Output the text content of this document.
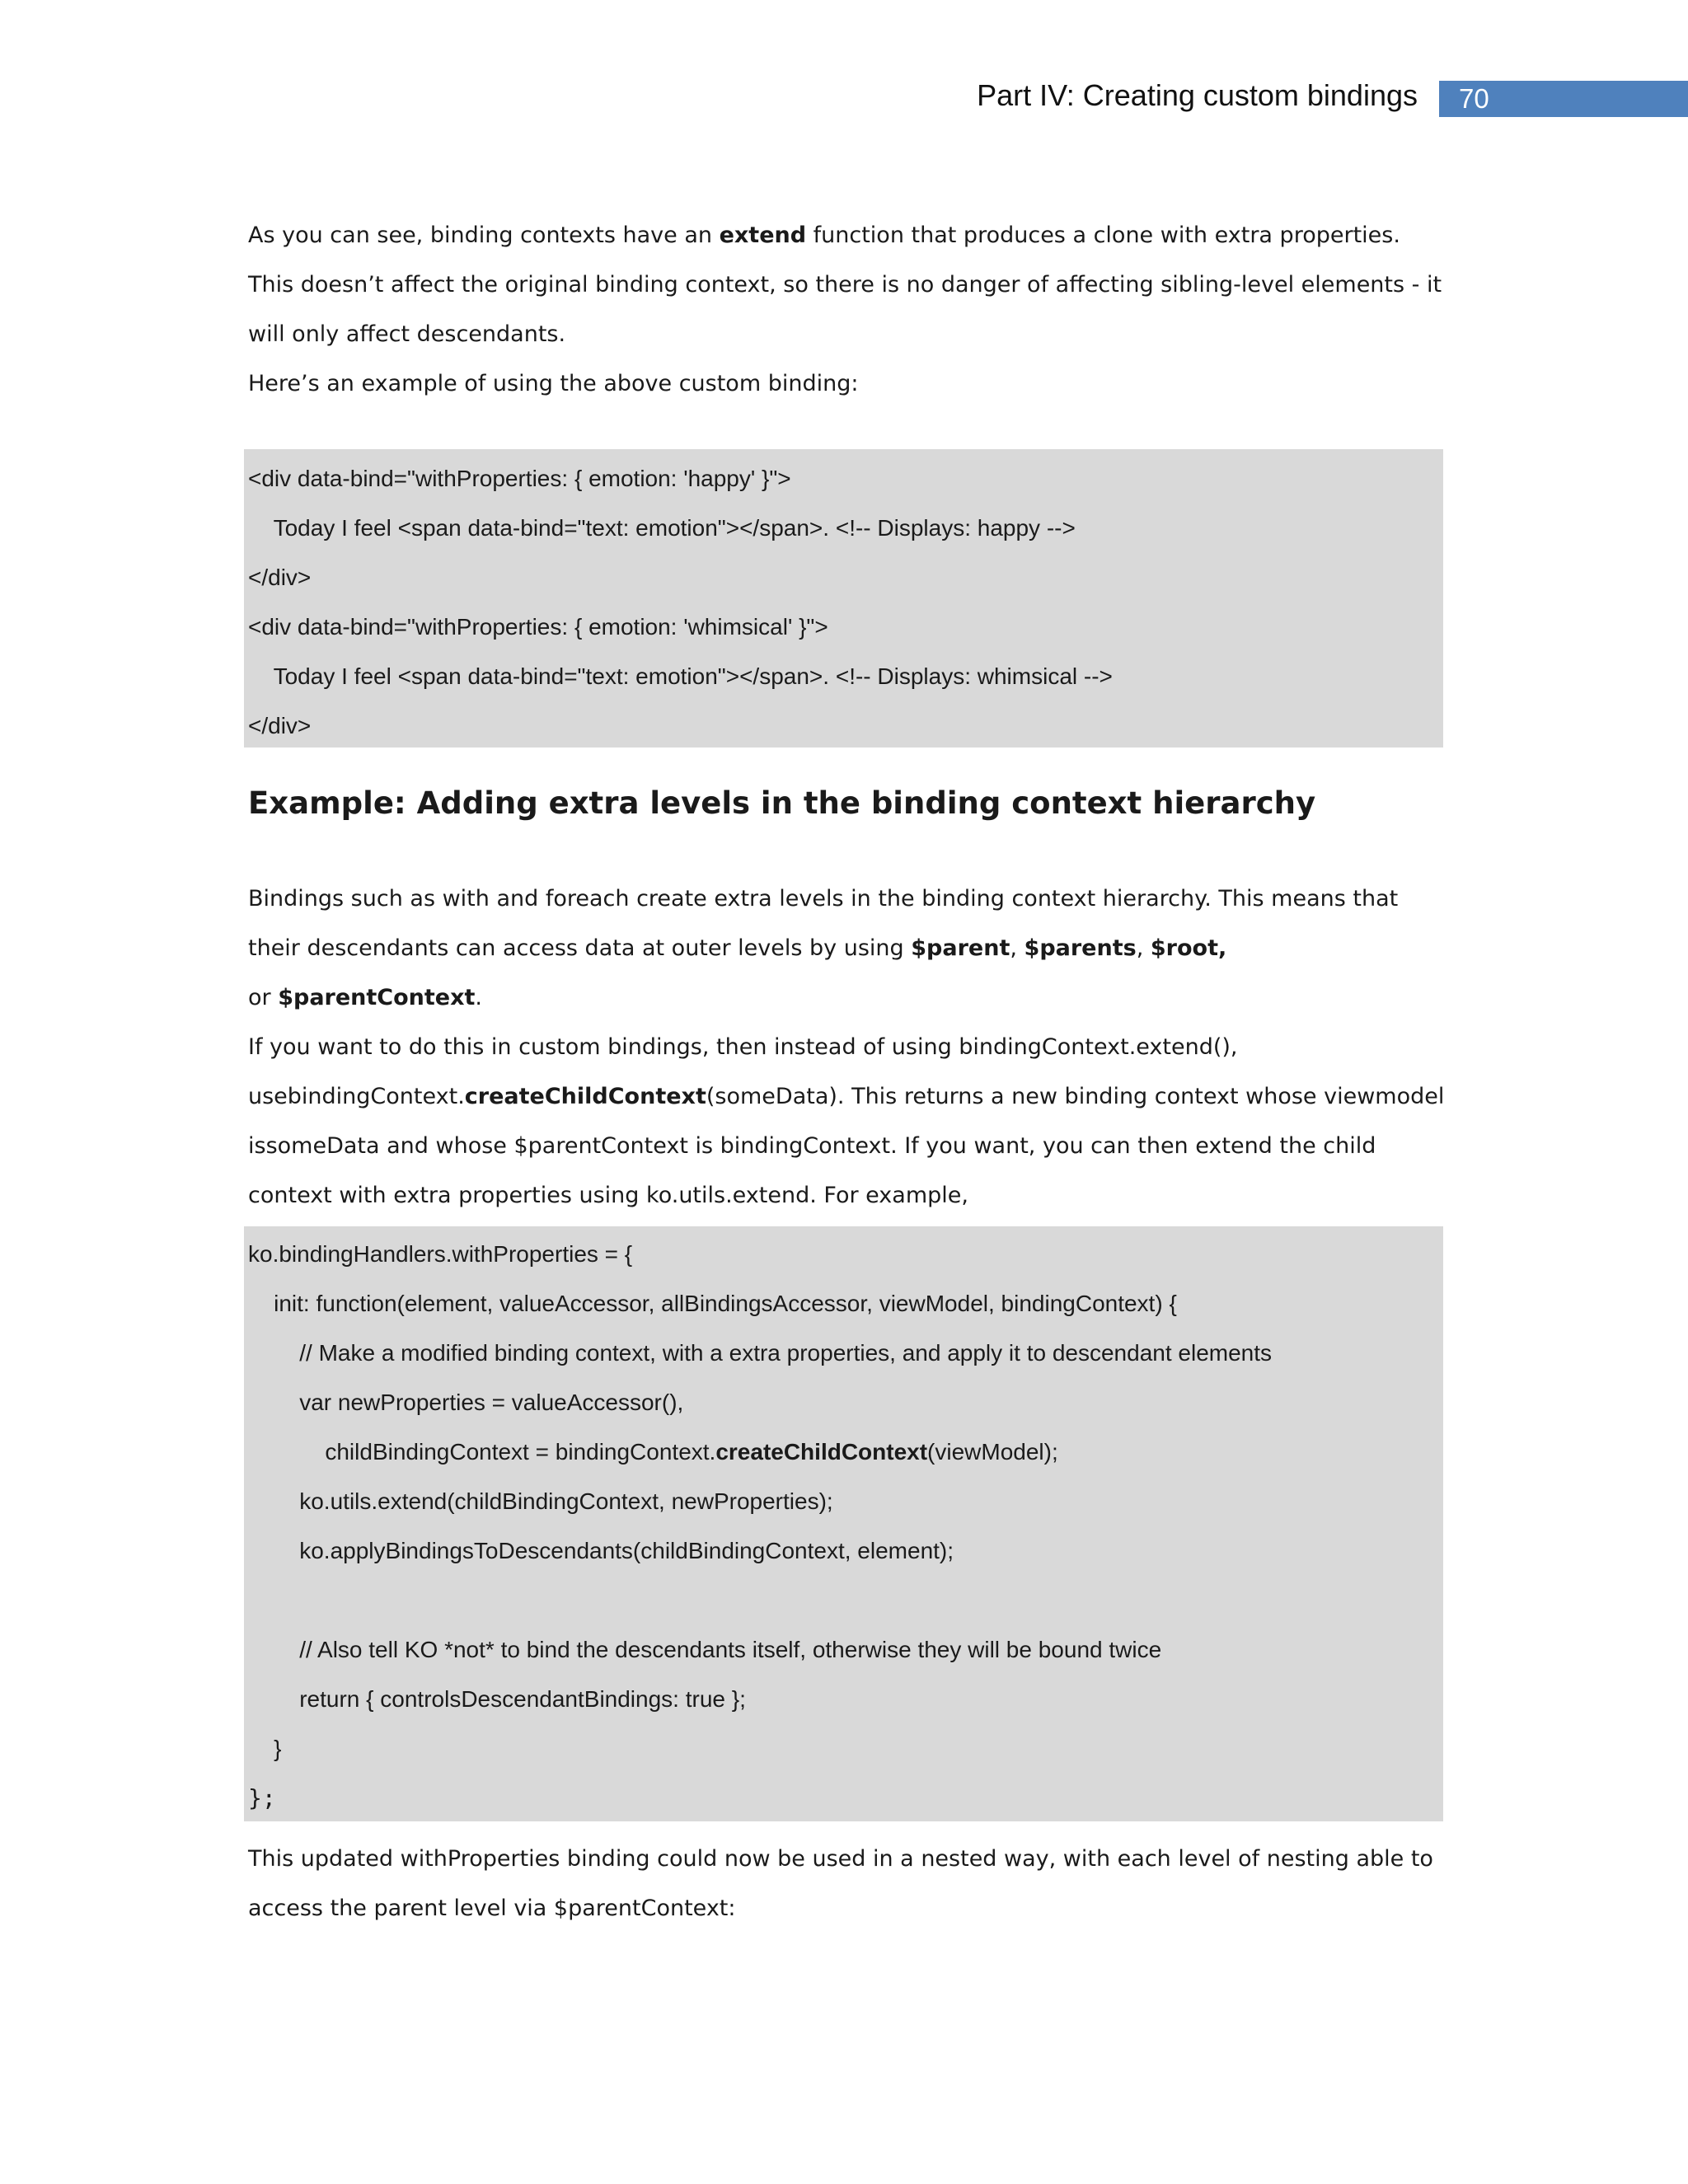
Part IV: Creating custom bindings	70
As you can see, binding contexts have an extend function that produces a clone with extra properties.
This doesn’t affect the original binding context, so there is no danger of affecting sibling-level elements - it
will only affect descendants.
Here’s an example of using the above custom binding:
<div data-bind="withProperties: { emotion: 'happy' }">
Today I feel <span data-bind="text: emotion"></span>. <!-- Displays: happy -->
</div>
<div data-bind="withProperties: { emotion: 'whimsical' }">
Today I feel <span data-bind="text: emotion"></span>. <!-- Displays: whimsical -->
</div>
Example: Adding extra levels in the binding context hierarchy
Bindings such as with and foreach create extra levels in the binding context hierarchy. This means that
their descendants can access data at outer levels by using $parent, $parents, $root,
or $parentContext.
If you want to do this in custom bindings, then instead of using bindingContext.extend(),
usebindingContext.createChildContext(someData). This returns a new binding context whose viewmodel
issomeData and whose $parentContext is bindingContext. If you want, you can then extend the child
context with extra properties using ko.utils.extend. For example,
ko.bindingHandlers.withProperties = {
init: function(element, valueAccessor, allBindingsAccessor, viewModel, bindingContext) {
// Make a modified binding context, with a extra properties, and apply it to descendant elements
var newProperties = valueAccessor(),
childBindingContext = bindingContext.createChildContext(viewModel);
ko.utils.extend(childBindingContext, newProperties);
ko.applyBindingsToDescendants(childBindingContext, element);

// Also tell KO *not* to bind the descendants itself, otherwise they will be bound twice
return { controlsDescendantBindings: true };
}
};
This updated withProperties binding could now be used in a nested way, with each level of nesting able to
access the parent level via $parentContext:
